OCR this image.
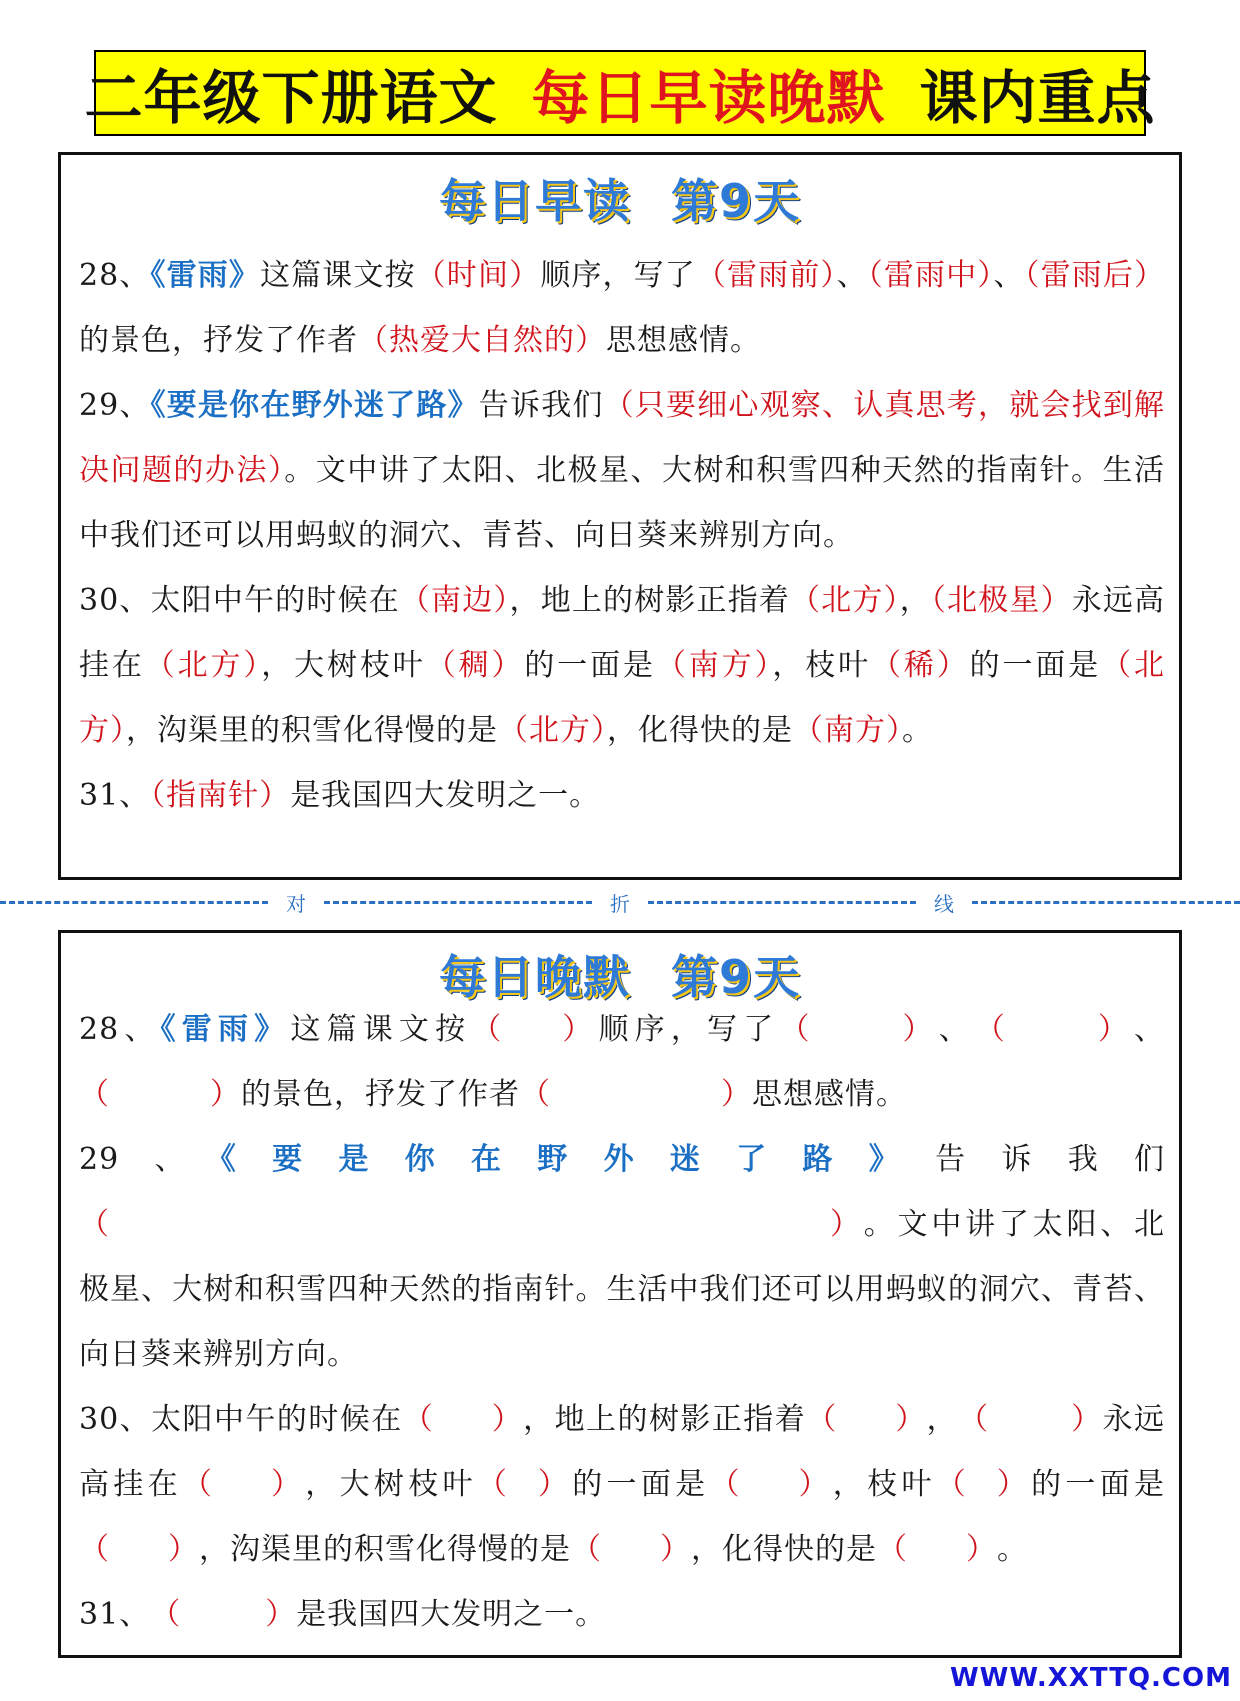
二年级下册语文 每日早读晚默 课内重点
每日早读 第9天

28、《雷雨》这篇课文按（时间）顺序，写了（雷雨前）、（雷雨中）、（雷雨后）的景色，抒发了作者（热爱大自然的）思想感情。

29、《要是你在野外迷了路》告诉我们（只要细心观察、认真思考，就会找到解决问题的办法）。文中讲了太阳、北极星、大树和积雪四种天然的指南针。生活中我们还可以用蚂蚁的洞穴、青苔、向日葵来辨别方向。

30、太阳中午的时候在（南边），地上的树影正指着（北方），（北极星）永远高挂在（北方），大树枝叶（稠）的一面是（南方），枝叶（稀）的一面是（北方），沟渠里的积雪化得慢的是（北方），化得快的是（南方）。

31、（指南针）是我国四大发明之一。

对	折	线
每日晚默 第9天

28、《雷雨》这篇课文按（ ）顺序，写了（	）、（	）、（	）的景色，抒发了作者（	）思想感情。

29、《要是你在野外迷了路》告诉我们（	）。文中讲了太阳、北极星、大树和积雪四种天然的指南针。生活中我们还可以用蚂蚁的洞穴、青苔、向日葵来辨别方向。

30、太阳中午的时候在（ ），地上的树影正指着（ ），（	）永远高挂在（ ），大树枝叶（ ）的一面是（ ），枝叶（ ）的一面是（ ），沟渠里的积雪化得慢的是（ ），化得快的是（ ）。

31、（	）是我国四大发明之一。

WWW.XXTTQ.COM
